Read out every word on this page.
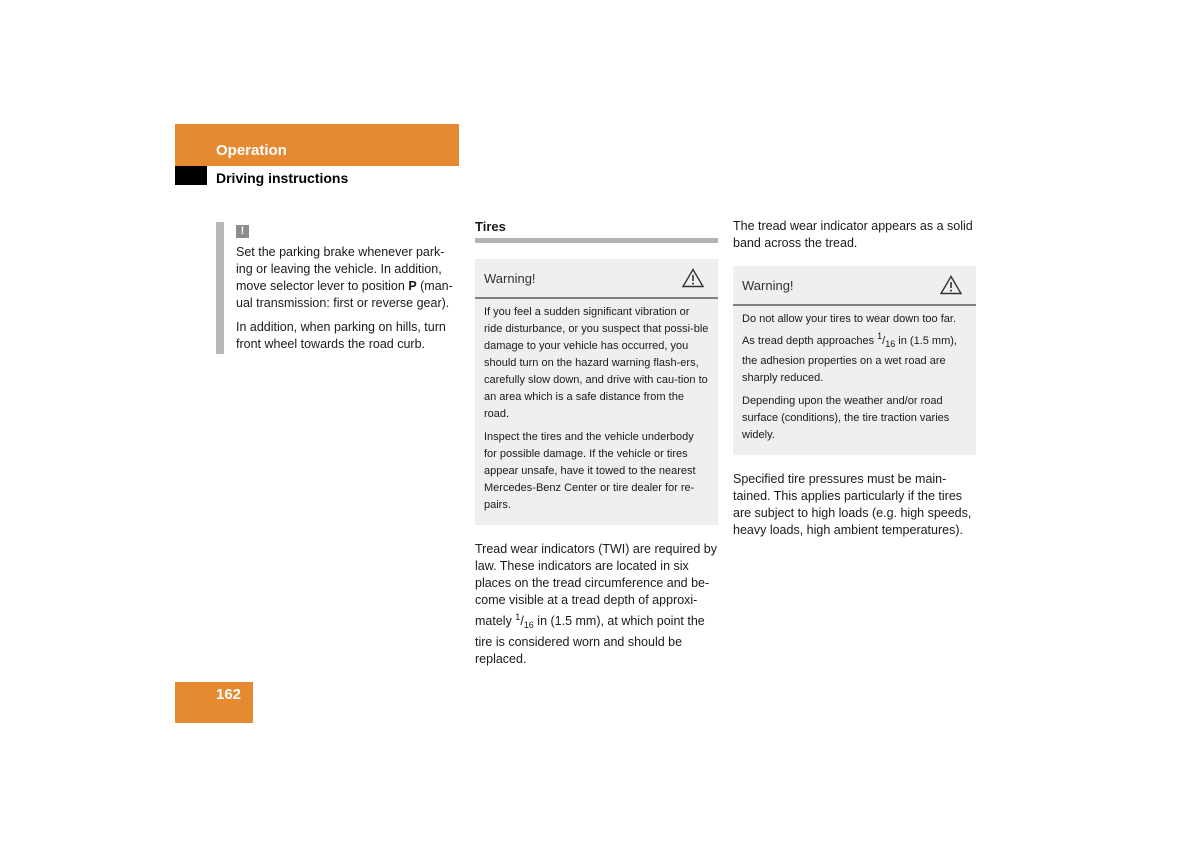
Operation
Driving instructions
!

Set the parking brake whenever park-ing or leaving the vehicle. In addition, move selector lever to position P (man-ual transmission: first or reverse gear).

In addition, when parking on hills, turn front wheel towards the road curb.

Tires
Warning!

If you feel a sudden significant vibration or ride disturbance, or you suspect that possi-ble damage to your vehicle has occurred, you should turn on the hazard warning flash-ers, carefully slow down, and drive with cau-tion to an area which is a safe distance from the road.

Inspect the tires and the vehicle underbody for possible damage. If the vehicle or tires appear unsafe, have it towed to the nearest Mercedes-Benz Center or tire dealer for re-pairs.

Tread wear indicators (TWI) are required by law. These indicators are located in six places on the tread circumference and be-come visible at a tread depth of approxi-mately $^1/_{16}$ in (1.5 mm), at which point the tire is considered worn and should be replaced.

The tread wear indicator appears as a solid band across the tread.

Warning!

Do not allow your tires to wear down too far. As tread depth approaches $^1/_{16}$ in (1.5 mm), the adhesion properties on a wet road are sharply reduced.

Depending upon the weather and/or road surface (conditions), the tire traction varies widely.

Specified tire pressures must be main-tained. This applies particularly if the tires are subject to high loads (e.g. high speeds, heavy loads, high ambient temperatures).

162
